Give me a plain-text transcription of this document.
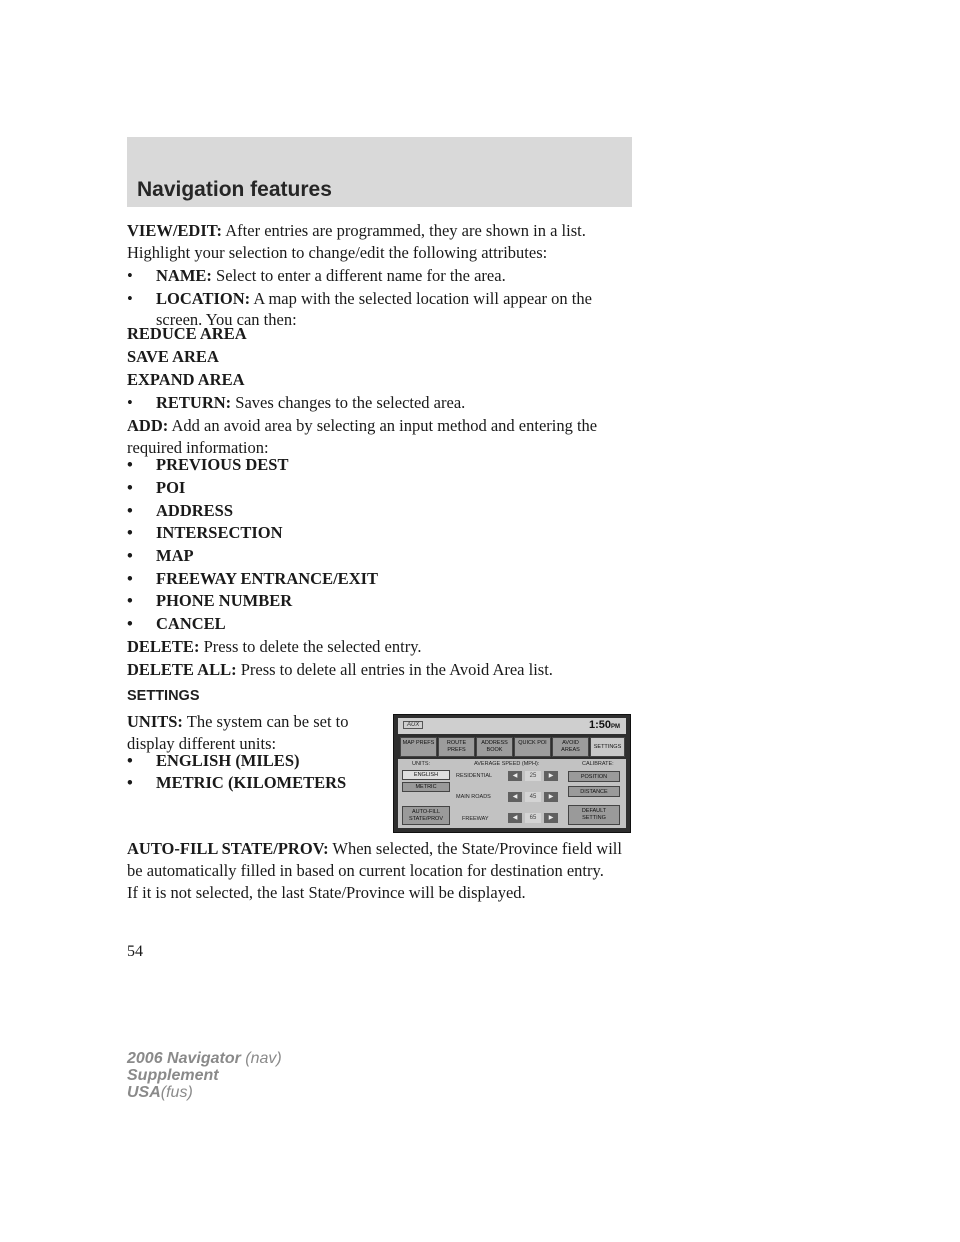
Navigation features
VIEW/EDIT: After entries are programmed, they are shown in a list.
Highlight your selection to change/edit the following attributes:
• NAME: Select to enter a different name for the area.
• LOCATION: A map with the selected location will appear on the
screen. You can then:
REDUCE AREA
SAVE AREA
EXPAND AREA
• RETURN: Saves changes to the selected area.
ADD: Add an avoid area by selecting an input method and entering the
required information:
• PREVIOUS DEST
• POI
• ADDRESS
• INTERSECTION
• MAP
• FREEWAY ENTRANCE/EXIT
• PHONE NUMBER
• CANCEL
DELETE: Press to delete the selected entry.
DELETE ALL: Press to delete all entries in the Avoid Area list.
SETTINGS
UNITS: The system can be set to
display different units:
• ENGLISH (MILES)
• METRIC (KILOMETERS
AUX	1:50PM
MAP PREFS	ROUTE PREFS
ADDRESS BOOK
QUICK POI	AVOID AREAS	SETTINGS
UNITS:	AVERAGE SPEED (MPH):	CALIBRATE:
ENGLISH
METRIC
AUTO-FILL STATE/PROV
RESIDENTIAL
MAIN ROADS
FREEWAY
◀	25	▶
◀	45	▶
◀	65	▶
POSITION
DISTANCE
DEFAULT SETTING
AUTO-FILL STATE/PROV: When selected, the State/Province field will
be automatically filled in based on current location for destination entry.
If it is not selected, the last State/Province will be displayed.
54
2006 Navigator (nav)
Supplement
USA(fus)
